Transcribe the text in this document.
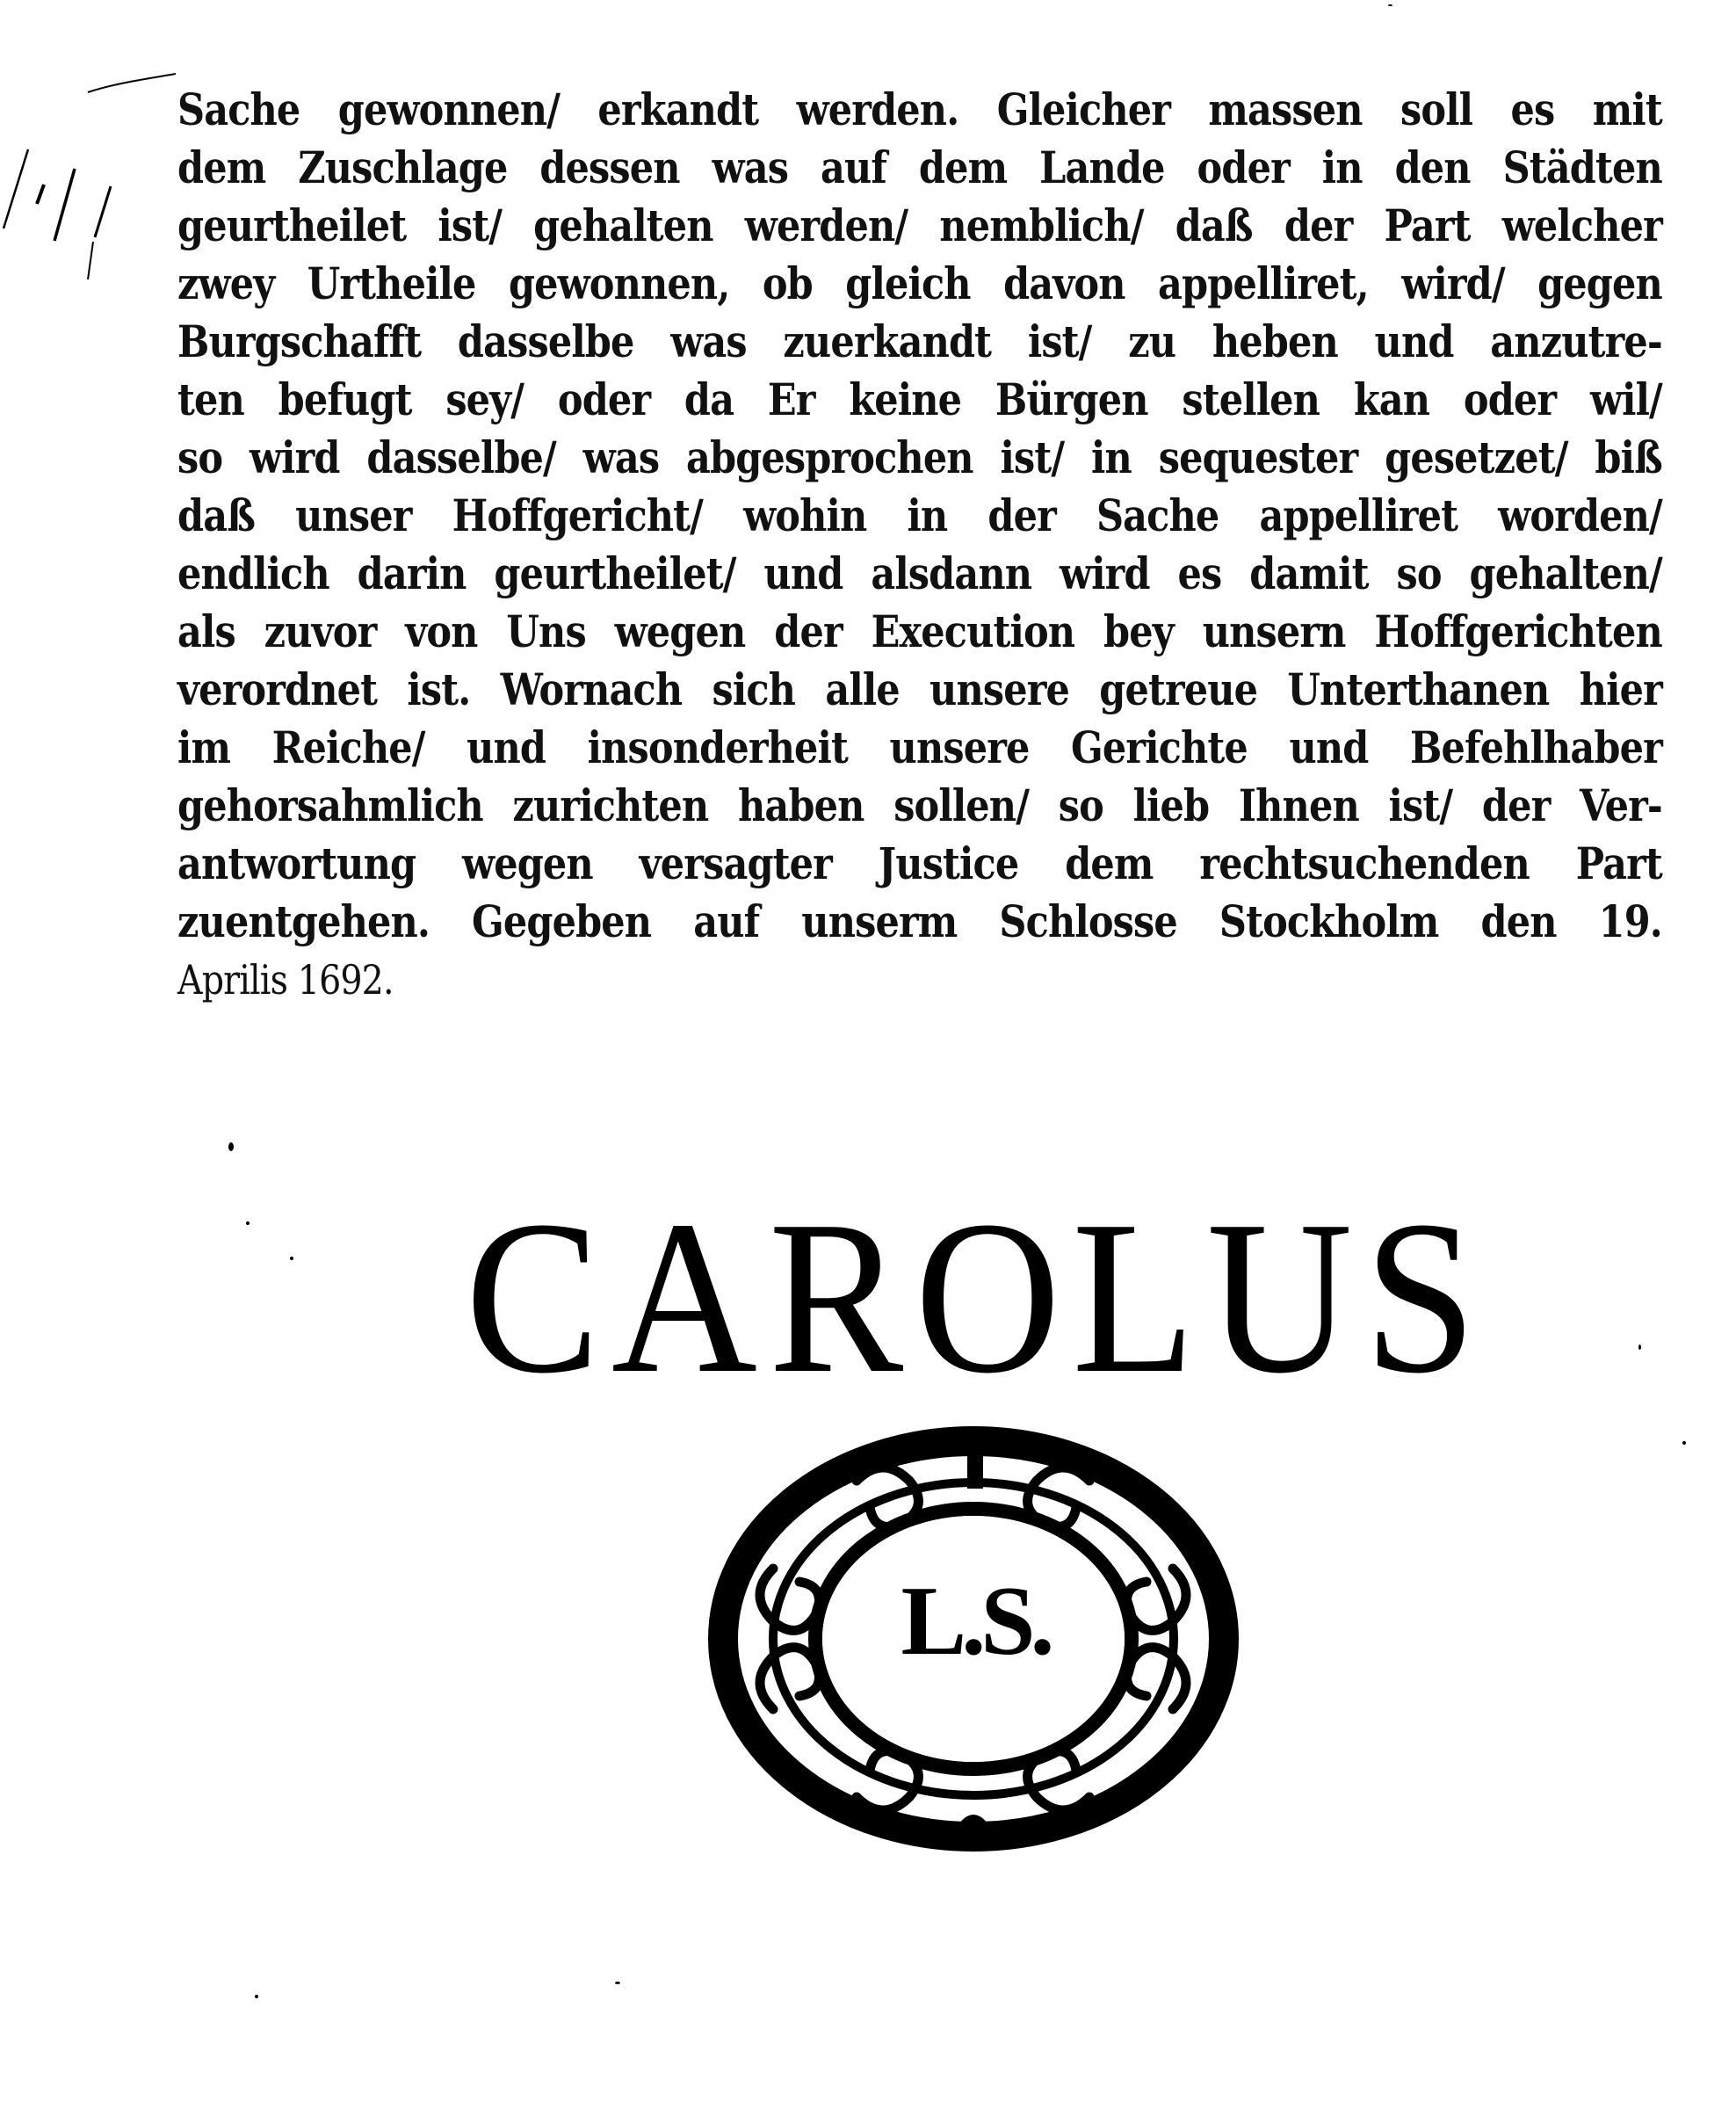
Sache gewonnen/ erkandt werden. Gleicher massen soll es mit
dem Zuschlage dessen was auf dem Lande oder in den Städten
geurtheilet ist/ gehalten werden/ nemblich/ daß der Part welcher
zwey Urtheile gewonnen, ob gleich davon appelliret, wird/ gegen
Burgschafft dasselbe was zuerkandt ist/ zu heben und anzutre-
ten befugt sey/ oder da Er keine Bürgen stellen kan oder wil/
so wird dasselbe/ was abgesprochen ist/ in sequester gesetzet/ biß
daß unser Hoffgericht/ wohin in der Sache appelliret worden/
endlich darin geurtheilet/ und alsdann wird es damit so gehalten/
als zuvor von Uns wegen der Execution bey unsern Hoffgerichten
verordnet ist. Wornach sich alle unsere getreue Unterthanen hier
im Reiche/ und insonderheit unsere Gerichte und Befehlhaber
gehorsahmlich zurichten haben sollen/ so lieb Ihnen ist/ der Ver-
antwortung wegen versagter Justice dem rechtsuchenden Part
zuentgehen. Gegeben auf unserm Schlosse Stockholm den 19.
Aprilis 1692.
CAROLUS
L.S.
